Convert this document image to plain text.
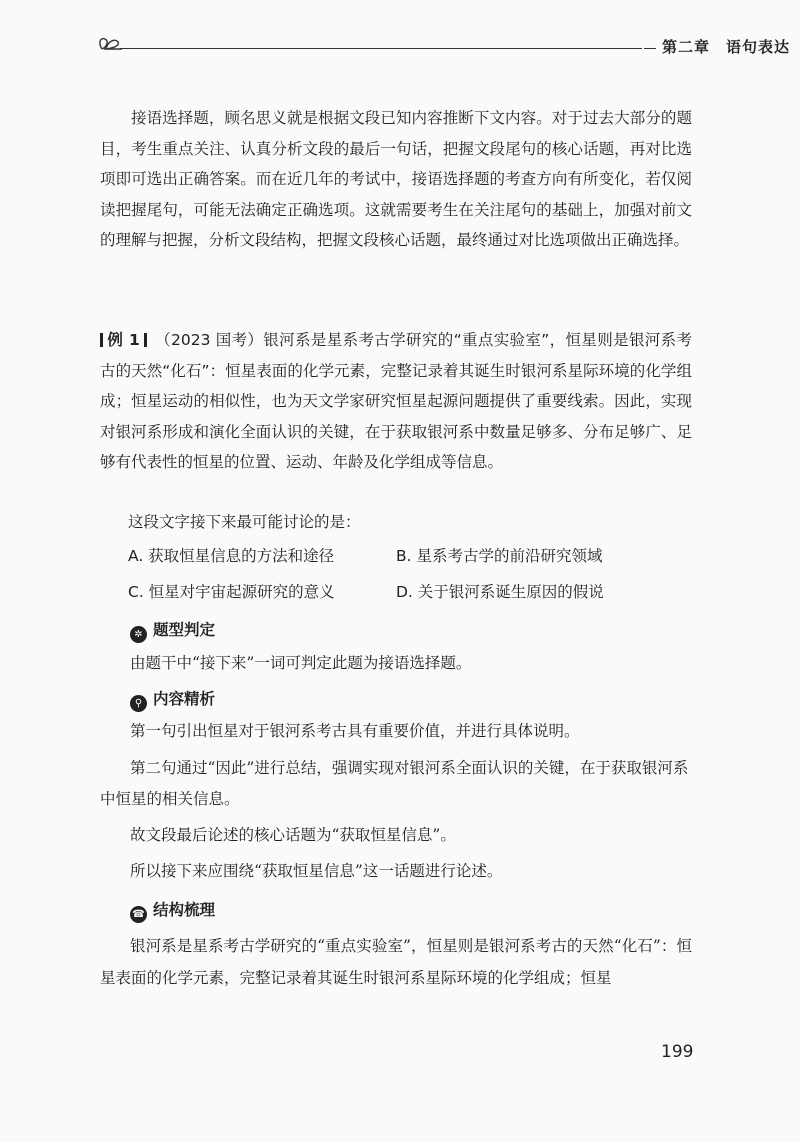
第二章　语句表达
接语选择题，顾名思义就是根据文段已知内容推断下文内容。对于过去大部分的题目，考生重点关注、认真分析文段的最后一句话，把握文段尾句的核心话题，再对比选项即可选出正确答案。而在近几年的考试中，接语选择题的考查方向有所变化，若仅阅读把握尾句，可能无法确定正确选项。这就需要考生在关注尾句的基础上，加强对前文的理解与把握，分析文段结构，把握文段核心话题，最终通过对比选项做出正确选择。
例 1 （2023 国考）银河系是星系考古学研究的“重点实验室”，恒星则是银河系考古的天然“化石”：恒星表面的化学元素，完整记录着其诞生时银河系星际环境的化学组成；恒星运动的相似性，也为天文学家研究恒星起源问题提供了重要线索。因此，实现对银河系形成和演化全面认识的关键，在于获取银河系中数量足够多、分布足够广、足够有代表性的恒星的位置、运动、年龄及化学组成等信息。
这段文字接下来最可能讨论的是：
A. 获取恒星信息的方法和途径	B. 星系考古学的前沿研究领域
C. 恒星对宇宙起源研究的意义	D. 关于银河系诞生原因的假说
✲ 题型判定
由题干中“接下来”一词可判定此题为接语选择题。
⚲ 内容精析
第一句引出恒星对于银河系考古具有重要价值，并进行具体说明。
第二句通过“因此”进行总结，强调实现对银河系全面认识的关键，在于获取银河系中恒星的相关信息。
故文段最后论述的核心话题为“获取恒星信息”。
所以接下来应围绕“获取恒星信息”这一话题进行论述。
☎ 结构梳理
银河系是星系考古学研究的“重点实验室”，恒星则是银河系考古的天然“化石”：恒星表面的化学元素，完整记录着其诞生时银河系星际环境的化学组成；恒星
199
